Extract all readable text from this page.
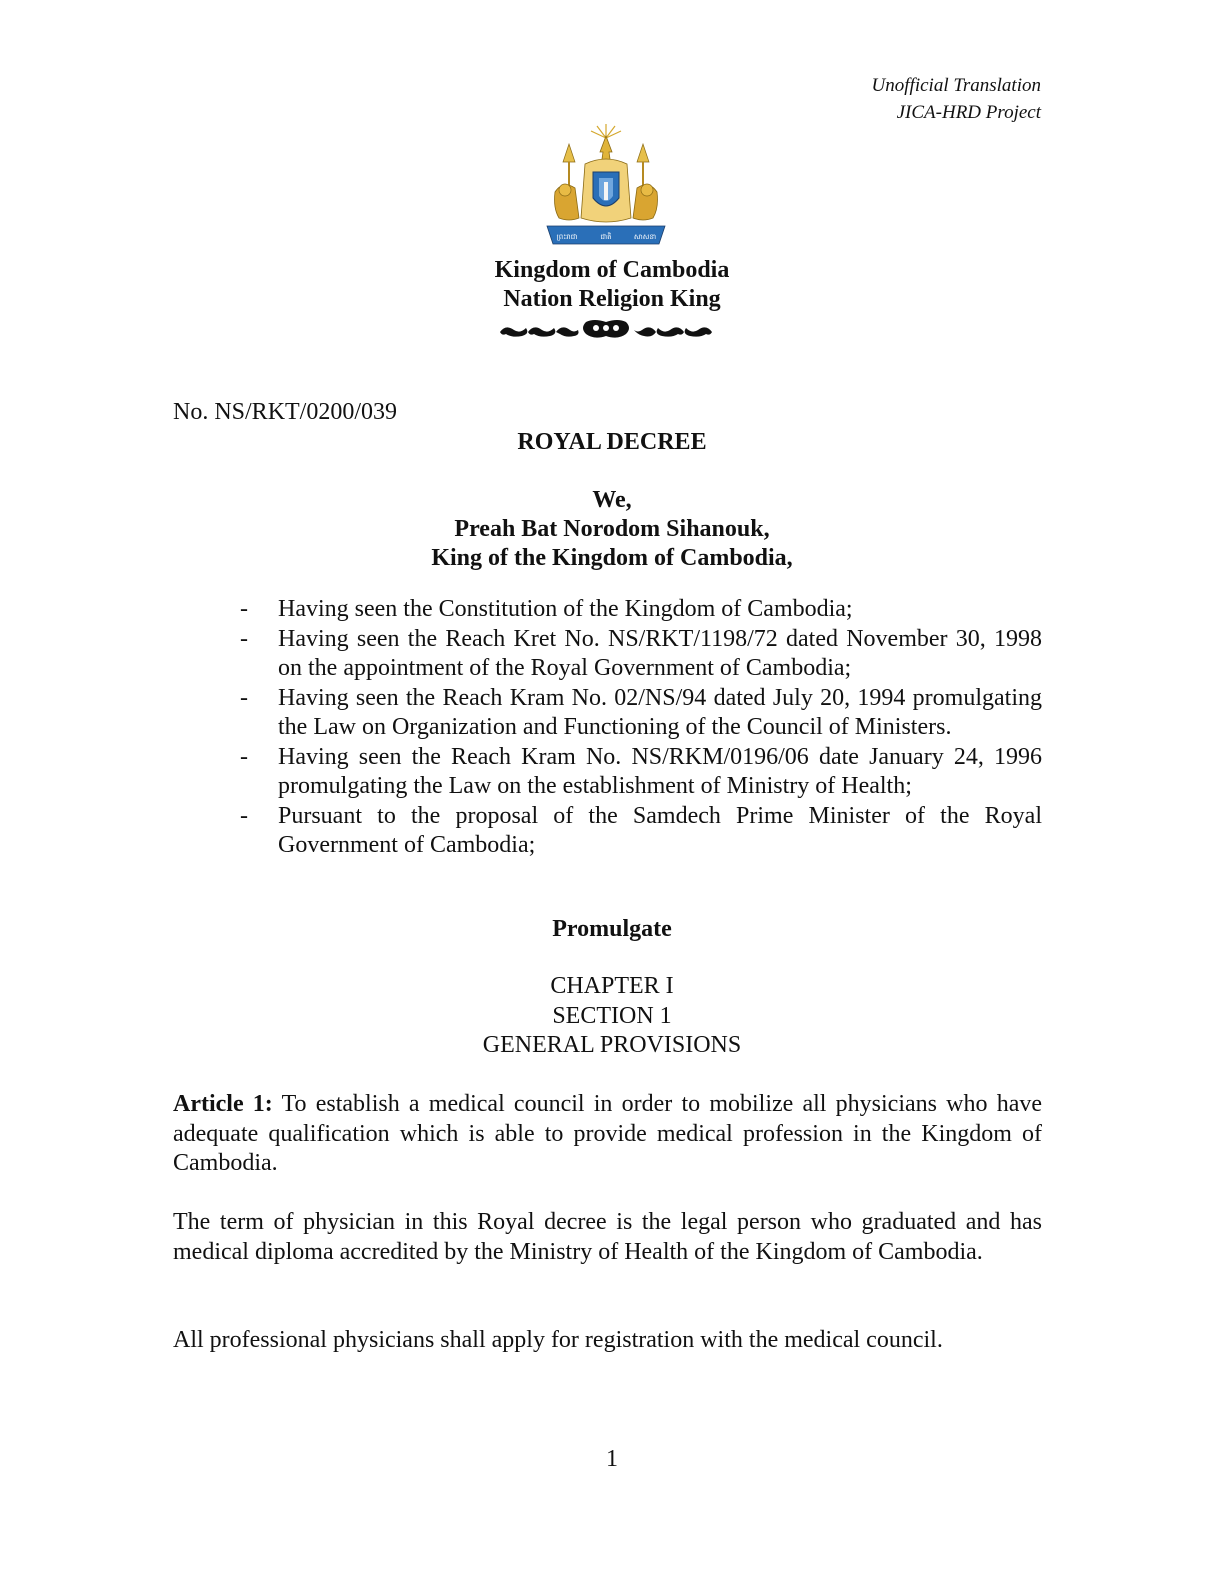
Unofficial Translation
JICA-HRD Project
ព្រះរាជា	ជាតិ	សាសនា
Kingdom of Cambodia
Nation Religion King
No. NS/RKT/0200/039
ROYAL DECREE
We,
Preah Bat Norodom Sihanouk,
King of the Kingdom of Cambodia,
- Having seen the Constitution of the Kingdom of Cambodia;
- Having seen the Reach Kret No. NS/RKT/1198/72 dated November 30, 1998 on the appointment of the Royal Government of Cambodia;
- Having seen the Reach Kram No. 02/NS/94 dated July 20, 1994 promulgating the Law on Organization and Functioning of the Council of Ministers.
- Having seen the Reach Kram No. NS/RKM/0196/06 date January 24, 1996 promulgating the Law on the establishment of Ministry of Health;
- Pursuant to the proposal of the Samdech Prime Minister of the Royal Government of Cambodia;
Promulgate
CHAPTER I
SECTION 1
GENERAL PROVISIONS

Article 1: To establish a medical council in order to mobilize all physicians who have adequate qualification which is able to provide medical profession in the Kingdom of Cambodia.

The term of physician in this Royal decree is the legal person who graduated and has medical diploma accredited by the Ministry of Health of the Kingdom of Cambodia.

All professional physicians shall apply for registration with the medical council.

1
